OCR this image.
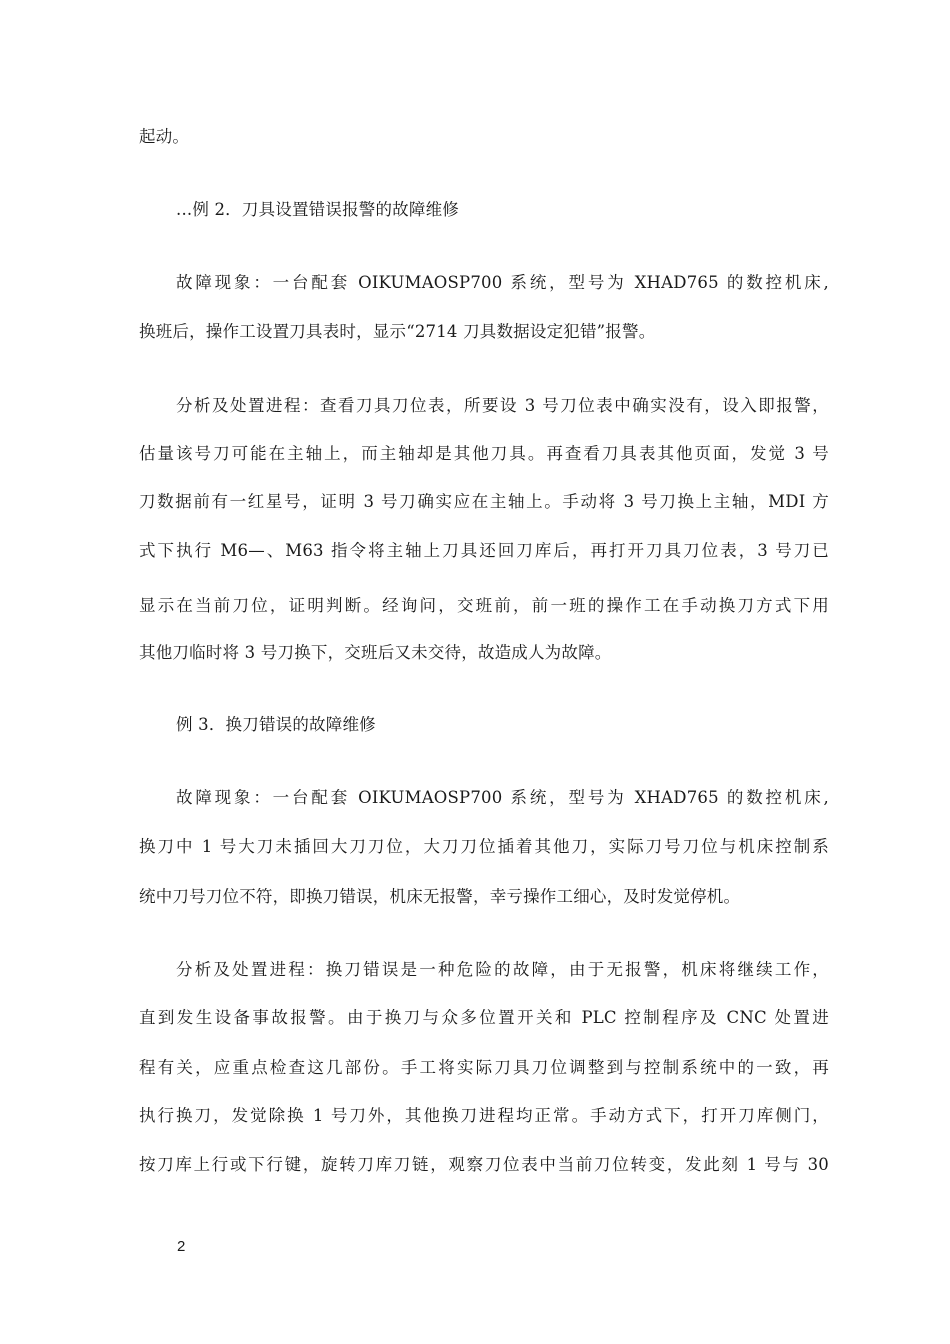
起动。
...例 2．刀具设置错误报警的故障维修
故障现象：一台配套 OIKUMAOSP700 系统，型号为 XHAD765 的数控机床,
换班后，操作工设置刀具表时，显示“2714 刀具数据设定犯错”报警。
分析及处置进程：查看刀具刀位表，所要设 3 号刀位表中确实没有，设入即报警，
估量该号刀可能在主轴上，而主轴却是其他刀具。再查看刀具表其他页面，发觉 3 号
刀数据前有一红星号，证明 3 号刀确实应在主轴上。手动将 3 号刀换上主轴，MDI 方
式下执行 M6—、M63 指令将主轴上刀具还回刀库后，再打开刀具刀位表，3 号刀已
显示在当前刀位，证明判断。经询问，交班前，前一班的操作工在手动换刀方式下用
其他刀临时将 3 号刀换下，交班后又未交待，故造成人为故障。
例 3．换刀错误的故障维修
故障现象：一台配套 OIKUMAOSP700 系统，型号为 XHAD765 的数控机床,
换刀中 1 号大刀未插回大刀刀位，大刀刀位插着其他刀，实际刀号刀位与机床控制系
统中刀号刀位不符，即换刀错误，机床无报警，幸亏操作工细心，及时发觉停机。
分析及处置进程：换刀错误是一种危险的故障，由于无报警，机床将继续工作，
直到发生设备事故报警。由于换刀与众多位置开关和 PLC 控制程序及 CNC 处置进
程有关，应重点检查这几部份。手工将实际刀具刀位调整到与控制系统中的一致，再
执行换刀，发觉除换 1 号刀外，其他换刀进程均正常。手动方式下，打开刀库侧门，
按刀库上行或下行键，旋转刀库刀链，观察刀位表中当前刀位转变，发此刻 1 号与 30
2
